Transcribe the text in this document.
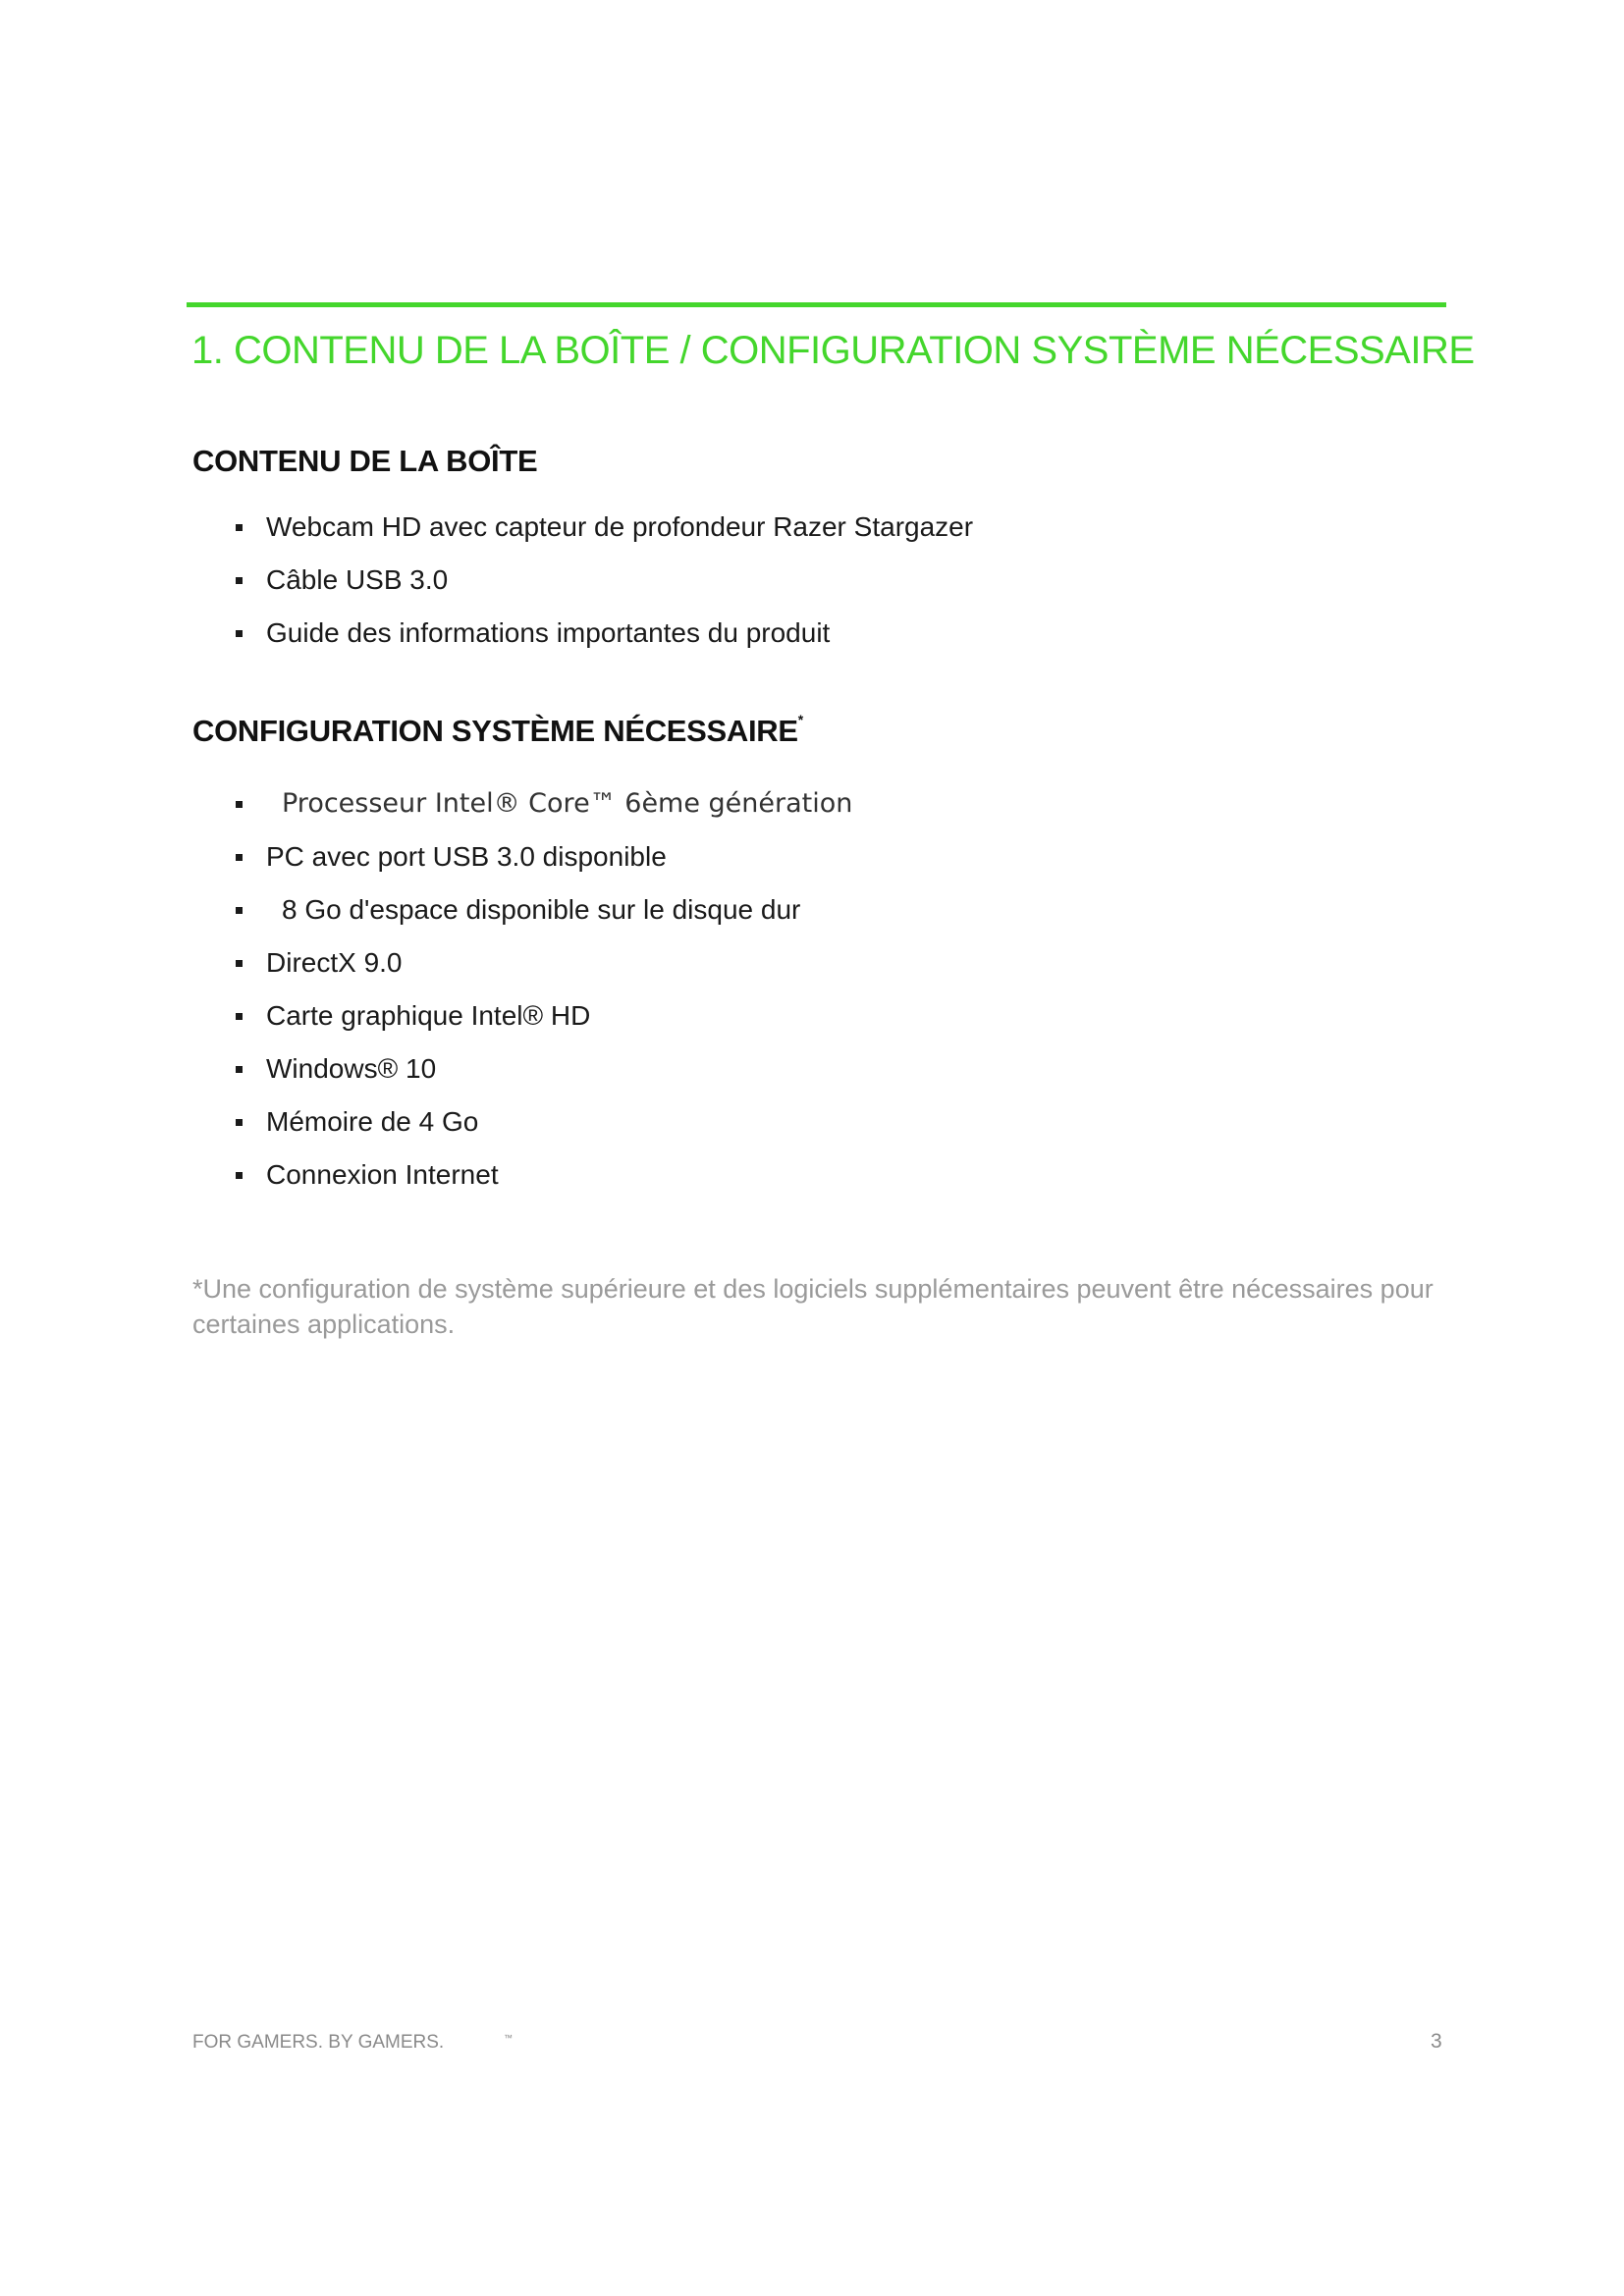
1. CONTENU DE LA BOÎTE / CONFIGURATION SYSTÈME NÉCESSAIRE
CONTENU DE LA BOÎTE
Webcam HD avec capteur de profondeur Razer Stargazer
Câble USB 3.0
Guide des informations importantes du produit
CONFIGURATION SYSTÈME NÉCESSAIRE*
Processeur Intel® Core™ 6ème génération
PC avec port USB 3.0 disponible
8 Go d'espace disponible sur le disque dur
DirectX 9.0
Carte graphique Intel® HD
Windows® 10
Mémoire de 4 Go
Connexion Internet

*Une configuration de système supérieure et des logiciels supplémentaires peuvent être nécessaires pour certaines applications.

FOR GAMERS. BY GAMERS.	™	3
